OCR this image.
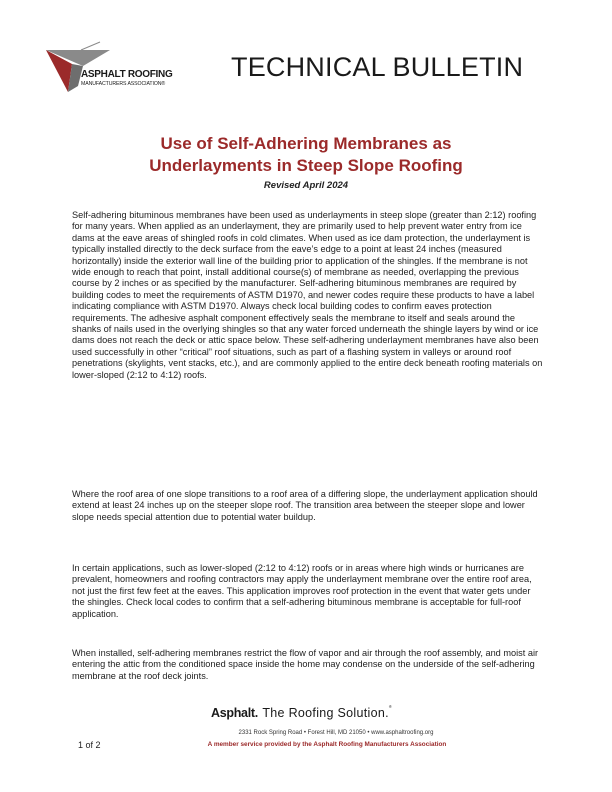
ASPHALT ROOFING
MANUFACTURERS ASSOCIATION®
TECHNICAL BULLETIN
Use of Self-Adhering Membranes as
Underlayments in Steep Slope Roofing
Revised April 2024

Self-adhering bituminous membranes have been used as underlayments in steep slope (greater than 2:12) roofing for many years. When applied as an underlayment, they are primarily used to help prevent water entry from ice dams at the eave areas of shingled roofs in cold climates. When used as ice dam protection, the underlayment is typically installed directly to the deck surface from the eave’s edge to a point at least 24 inches (measured horizontally) inside the exterior wall line of the building prior to application of the shingles. If the membrane is not wide enough to reach that point, install additional course(s) of membrane as needed, overlapping the previous course by 2 inches or as specified by the manufacturer. Self-adhering bituminous membranes are required by building codes to meet the requirements of ASTM D1970, and newer codes require these products to have a label indicating compliance with ASTM D1970. Always check local building codes to confirm eaves protection requirements. The adhesive asphalt component effectively seals the membrane to itself and seals around the shanks of nails used in the overlying shingles so that any water forced underneath the shingle layers by wind or ice dams does not reach the deck or attic space below. These self-adhering underlayment membranes have also been used successfully in other “critical” roof situations, such as part of a flashing system in valleys or around roof penetrations (skylights, vent stacks, etc.), and are commonly applied to the entire deck beneath roofing materials on lower-sloped (2:12 to 4:12) roofs.

Where the roof area of one slope transitions to a roof area of a differing slope, the underlayment application should extend at least 24 inches up on the steeper slope roof. The transition area between the steeper slope and lower slope needs special attention due to potential water buildup.

In certain applications, such as lower-sloped (2:12 to 4:12) roofs or in areas where high winds or hurricanes are prevalent, homeowners and roofing contractors may apply the underlayment membrane over the entire roof area, not just the first few feet at the eaves. This application improves roof protection in the event that water gets under the shingles. Check local codes to confirm that a self-adhering bituminous membrane is acceptable for full-roof application.

When installed, self-adhering membranes restrict the flow of vapor and air through the roof assembly, and moist air entering the attic from the conditioned space inside the home may condense on the underside of the self-adhering membrane at the roof deck joints.

Asphalt. The Roofing Solution.®
2331 Rock Spring Road • Forest Hill, MD 21050 • www.asphaltroofing.org
A member service provided by the Asphalt Roofing Manufacturers Association
1 of 2
